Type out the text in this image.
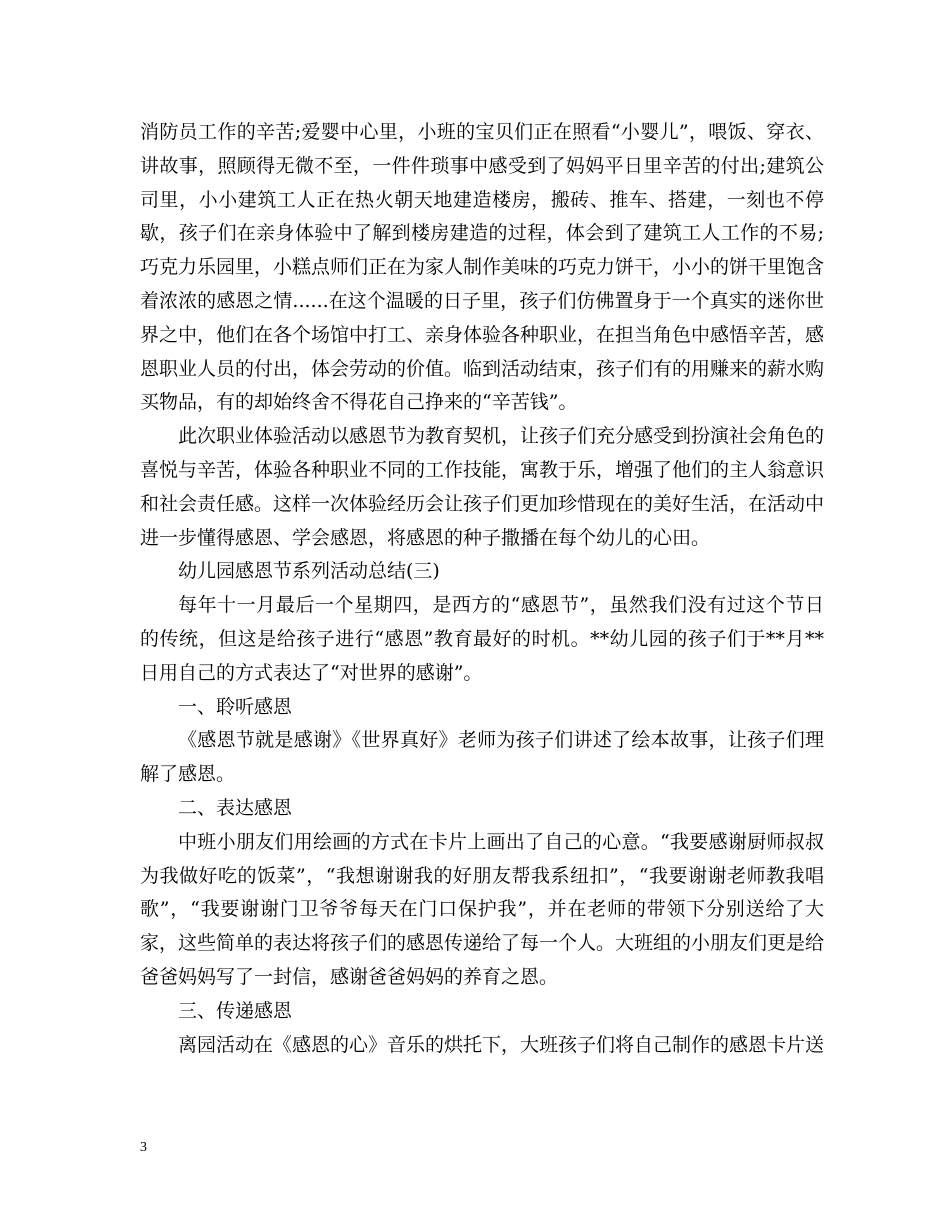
消防员工作的辛苦;爱婴中心里，小班的宝贝们正在照看“小婴儿”，喂饭、穿衣、讲故事，照顾得无微不至，一件件琐事中感受到了妈妈平日里辛苦的付出;建筑公司里，小小建筑工人正在热火朝天地建造楼房，搬砖、推车、搭建，一刻也不停歇，孩子们在亲身体验中了解到楼房建造的过程，体会到了建筑工人工作的不易;巧克力乐园里，小糕点师们正在为家人制作美味的巧克力饼干，小小的饼干里饱含着浓浓的感恩之情......在这个温暖的日子里，孩子们仿佛置身于一个真实的迷你世界之中，他们在各个场馆中打工、亲身体验各种职业，在担当角色中感悟辛苦，感恩职业人员的付出，体会劳动的价值。临到活动结束，孩子们有的用赚来的薪水购买物品，有的却始终舍不得花自己挣来的“辛苦钱”。

此次职业体验活动以感恩节为教育契机，让孩子们充分感受到扮演社会角色的喜悦与辛苦，体验各种职业不同的工作技能，寓教于乐，增强了他们的主人翁意识和社会责任感。这样一次体验经历会让孩子们更加珍惜现在的美好生活，在活动中进一步懂得感恩、学会感恩，将感恩的种子撒播在每个幼儿的心田。

幼儿园感恩节系列活动总结(三)

每年十一月最后一个星期四，是西方的“感恩节”，虽然我们没有过这个节日的传统，但这是给孩子进行“感恩”教育最好的时机。**幼儿园的孩子们于**月**日用自己的方式表达了“对世界的感谢”。

一、聆听感恩

《感恩节就是感谢》《世界真好》老师为孩子们讲述了绘本故事，让孩子们理解了感恩。

二、表达感恩

中班小朋友们用绘画的方式在卡片上画出了自己的心意。“我要感谢厨师叔叔为我做好吃的饭菜”，“我想谢谢我的好朋友帮我系纽扣”，“我要谢谢老师教我唱歌”，“我要谢谢门卫爷爷每天在门口保护我”，并在老师的带领下分别送给了大家，这些简单的表达将孩子们的感恩传递给了每一个人。大班组的小朋友们更是给爸爸妈妈写了一封信，感谢爸爸妈妈的养育之恩。

三、传递感恩

离园活动在《感恩的心》音乐的烘托下，大班孩子们将自己制作的感恩卡片送

3
